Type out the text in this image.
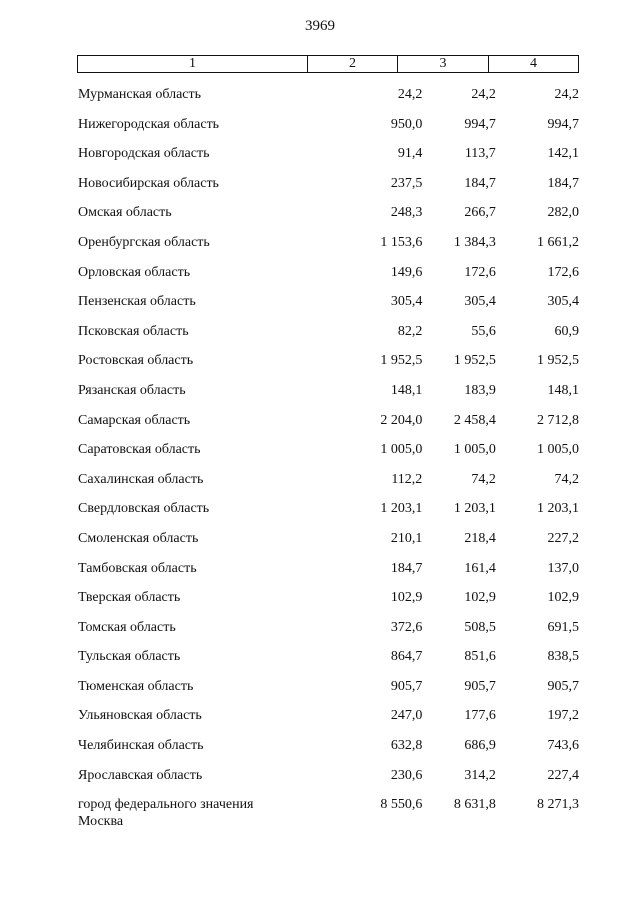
3969
1	2	3	4
Мурманская область	24,2	24,2	24,2
Нижегородская область	950,0	994,7	994,7
Новгородская область	91,4	113,7	142,1
Новосибирская область	237,5	184,7	184,7
Омская область	248,3	266,7	282,0
Оренбургская область	1 153,6	1 384,3	1 661,2
Орловская область	149,6	172,6	172,6
Пензенская область	305,4	305,4	305,4
Псковская область	82,2	55,6	60,9
Ростовская область	1 952,5	1 952,5	1 952,5
Рязанская область	148,1	183,9	148,1
Самарская область	2 204,0	2 458,4	2 712,8
Саратовская область	1 005,0	1 005,0	1 005,0
Сахалинская область	112,2	74,2	74,2
Свердловская область	1 203,1	1 203,1	1 203,1
Смоленская область	210,1	218,4	227,2
Тамбовская область	184,7	161,4	137,0
Тверская область	102,9	102,9	102,9
Томская область	372,6	508,5	691,5
Тульская область	864,7	851,6	838,5
Тюменская область	905,7	905,7	905,7
Ульяновская область	247,0	177,6	197,2
Челябинская область	632,8	686,9	743,6
Ярославская область	230,6	314,2	227,4
город федерального значения
Москва
8 550,6	8 631,8	8 271,3
